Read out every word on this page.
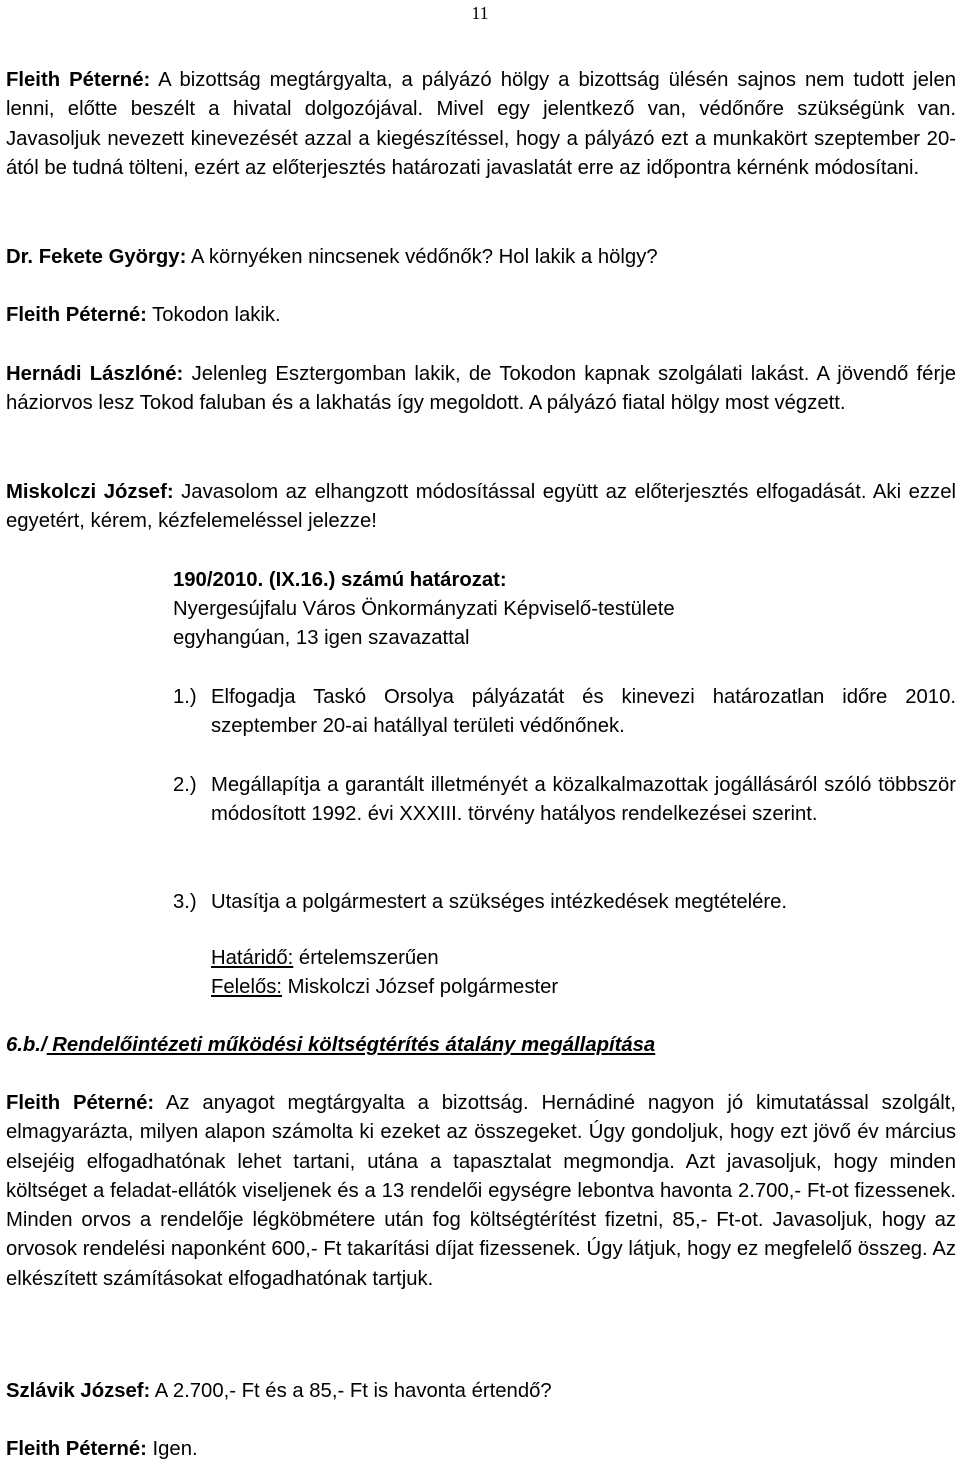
11

Fleith Péterné: A bizottság megtárgyalta, a pályázó hölgy a bizottság ülésén sajnos nem tudott jelen lenni, előtte beszélt a hivatal dolgozójával. Mivel egy jelentkező van, védőnőre szükségünk van. Javasoljuk nevezett kinevezését azzal a kiegészítéssel, hogy a pályázó ezt a munkakört szeptember 20-ától be tudná tölteni, ezért az előterjesztés határozati javaslatát erre az időpontra kérnénk módosítani.

Dr. Fekete György: A környéken nincsenek védőnők? Hol lakik a hölgy?

Fleith Péterné: Tokodon lakik.

Hernádi Lászlóné: Jelenleg Esztergomban lakik, de Tokodon kapnak szolgálati lakást. A jövendő férje háziorvos lesz Tokod faluban és a lakhatás így megoldott. A pályázó fiatal hölgy most végzett.

Miskolczi József: Javasolom az elhangzott módosítással együtt az előterjesztés elfogadását. Aki ezzel egyetért, kérem, kézfelemeléssel jelezze!

190/2010. (IX.16.) számú határozat:
Nyergesújfalu Város Önkormányzati Képviselő-testülete
egyhangúan, 13 igen szavazattal
1.) Elfogadja Taskó Orsolya pályázatát és kinevezi határozatlan időre 2010. szeptember 20-ai hatállyal területi védőnőnek.
2.) Megállapítja a garantált illetményét a közalkalmazottak jogállásáról szóló többször módosított 1992. évi XXXIII. törvény hatályos rendelkezései szerint.
3.) Utasítja a polgármestert a szükséges intézkedések megtételére.
Határidő: értelemszerűen
Felelős: Miskolczi József polgármester
6.b./ Rendelőintézeti működési költségtérítés átalány megállapítása

Fleith Péterné: Az anyagot megtárgyalta a bizottság. Hernádiné nagyon jó kimutatással szolgált, elmagyarázta, milyen alapon számolta ki ezeket az összegeket. Úgy gondoljuk, hogy ezt jövő év március elsejéig elfogadhatónak lehet tartani, utána a tapasztalat megmondja. Azt javasoljuk, hogy minden költséget a feladat-ellátók viseljenek és a 13 rendelői egységre lebontva havonta 2.700,- Ft-ot fizessenek. Minden orvos a rendelője légköbmétere után fog költségtérítést fizetni, 85,- Ft-ot. Javasoljuk, hogy az orvosok rendelési naponként 600,- Ft takarítási díjat fizessenek. Úgy látjuk, hogy ez megfelelő összeg. Az elkészített számításokat elfogadhatónak tartjuk.

Szlávik József: A 2.700,- Ft és a 85,- Ft is havonta értendő?

Fleith Péterné: Igen.
